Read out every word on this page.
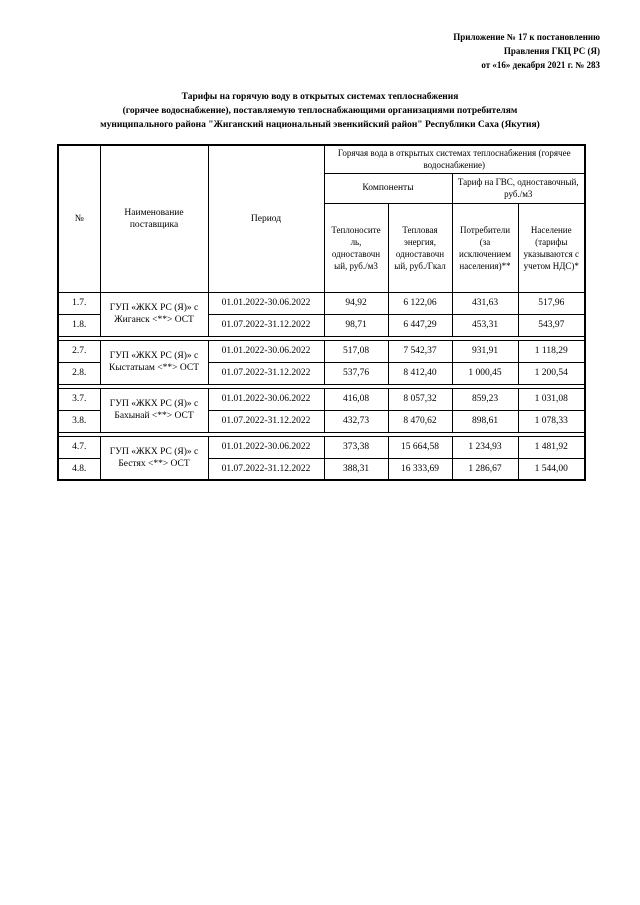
Приложение № 17 к постановлению
Правления ГКЦ РС (Я)
от «16» декабря 2021 г. № 283
Тарифы на горячую воду в открытых системах теплоснабжения
(горячее водоснабжение), поставляемую теплоснабжающими организациями потребителям
муниципального района "Жиганский национальный эвенкийский район" Республики Саха (Якутия)
№	Наименование поставщика	Период	Горячая вода в открытых системах теплоснабжения (горячее водоснабжение)			
			Компоненты		Тариф на ГВС, одноставочный, руб./м3	
			Теплоносите ль, одноставочн ый, руб./м3	Тепловая энергия, одноставочн ый, руб./Гкал	Потребители (за исключением населения)**	Население (тарифы указываются с учетом НДС)*
1.7.	ГУП «ЖКХ РС (Я)» с Жиганск <**> ОСТ	01.01.2022-30.06.2022	94,92	6 122,06	431,63	517,96
1.8.		01.07.2022-31.12.2022	98,71	6 447,29	453,31	543,97

2.7.	ГУП «ЖКХ РС (Я)» с Кыстатыам <**> ОСТ	01.01.2022-30.06.2022	517,08	7 542,37	931,91	1 118,29
2.8.		01.07.2022-31.12.2022	537,76	8 412,40	1 000,45	1 200,54

3.7.	ГУП «ЖКХ РС (Я)» с Бахынай <**> ОСТ	01.01.2022-30.06.2022	416,08	8 057,32	859,23	1 031,08
3.8.		01.07.2022-31.12.2022	432,73	8 470,62	898,61	1 078,33

4.7.	ГУП «ЖКХ РС (Я)» с Бестях <**> ОСТ	01.01.2022-30.06.2022	373,38	15 664,58	1 234,93	1 481,92
4.8.		01.07.2022-31.12.2022	388,31	16 333,69	1 286,67	1 544,00
